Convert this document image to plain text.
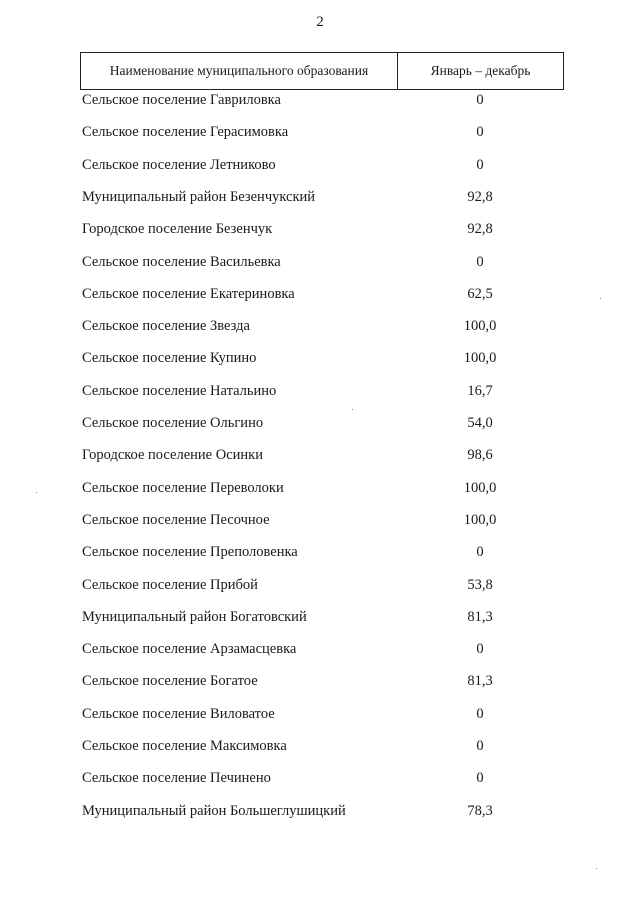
2
Наименование муниципального образования	Январь – декабрь
Сельское поселение Гавриловка	0
Сельское поселение Герасимовка	0
Сельское поселение Летниково	0
Муниципальный район Безенчукский	92,8
Городское поселение Безенчук	92,8
Сельское поселение Васильевка	0
Сельское поселение Екатериновка	62,5
Сельское поселение Звезда	100,0
Сельское поселение Купино	100,0
Сельское поселение Натальино	16,7
Сельское поселение Ольгино	54,0
Городское поселение Осинки	98,6
Сельское поселение Переволоки	100,0
Сельское поселение Песочное	100,0
Сельское поселение Преполовенка	0
Сельское поселение Прибой	53,8
Муниципальный район Богатовский	81,3
Сельское поселение Арзамасцевка	0
Сельское поселение Богатое	81,3
Сельское поселение Виловатое	0
Сельское поселение Максимовка	0
Сельское поселение Печинено	0
Муниципальный район Большеглушицкий	78,3
